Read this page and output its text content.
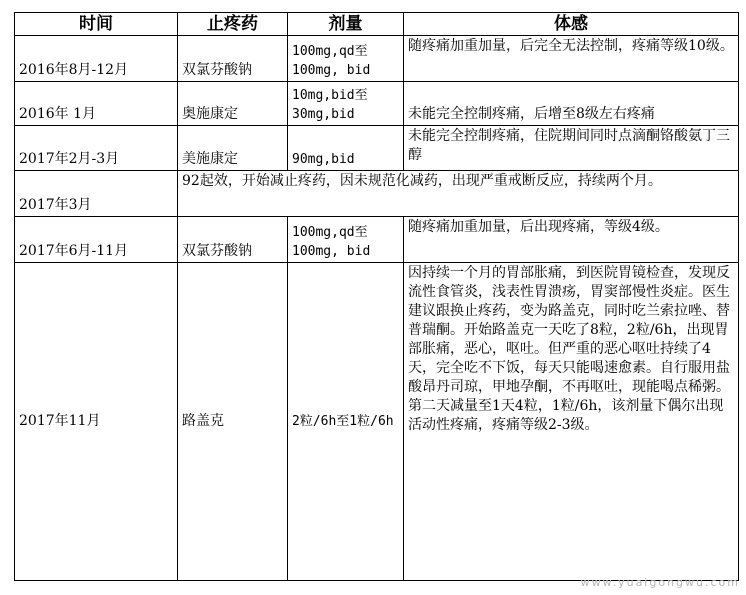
时间	止疼药	剂量	体感
2016年8月-12月	双氯芬酸钠	100mg,qd至100mg, bid	随疼痛加重加量，后完全无法控制，疼痛等级10级。
2016年 1月	奥施康定	10mg,bid至30mg,bid	未能完全控制疼痛，后增至8级左右疼痛
2017年2月-3月	美施康定	90mg,bid	未能完全控制疼痛，住院期间同时点滴酮铬酸氨丁三醇
2017年3月	92起效，开始减止疼药，因未规范化减药，出现严重戒断反应，持续两个月。		
2017年6月-11月	双氯芬酸钠	100mg,qd至100mg, bid	随疼痛加重加量，后出现疼痛，等级4级。
2017年11月	路盖克	2粒/6h至1粒/6h	因持续一个月的胃部胀痛，到医院胃镜检查，发现反流性食管炎，浅表性胃溃疡，胃窦部慢性炎症。医生建议跟换止疼药，变为路盖克，同时吃兰索拉唑、替普瑞酮。开始路盖克一天吃了8粒，2粒/6h，出现胃部胀痛，恶心，呕吐。但严重的恶心呕吐持续了4天，完全吃不下饭，每天只能喝速愈素。自行服用盐酸昂丹司琼，甲地孕酮，不再呕吐，现能喝点稀粥。
第二天减量至1天4粒，1粒/6h，该剂量下偶尔出现活动性疼痛，疼痛等级2-3级。
www.yuaigongwu.com
